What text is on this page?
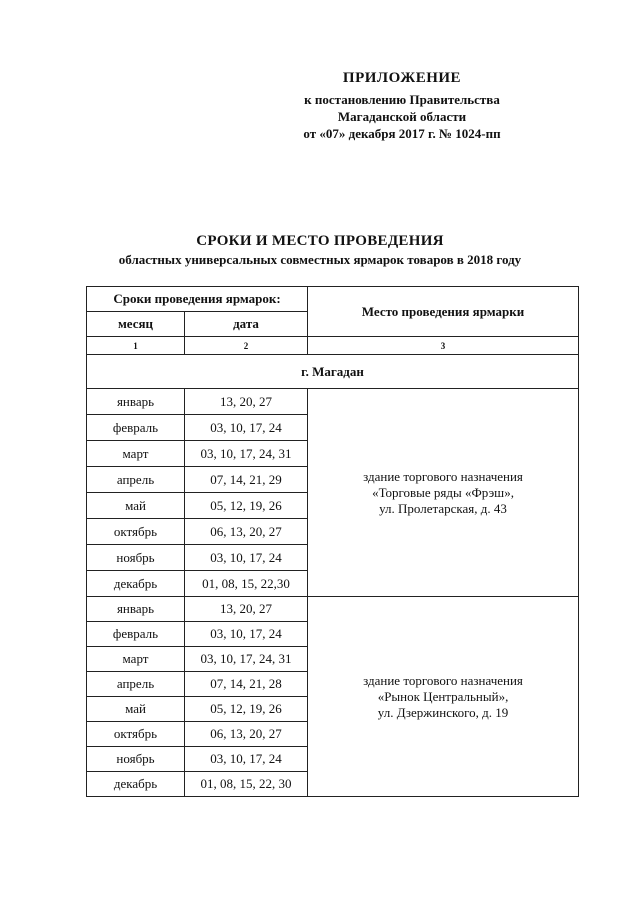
ПРИЛОЖЕНИЕ
к постановлению Правительства
Магаданской области
от «07» декабря 2017 г. № 1024-пп
СРОКИ И МЕСТО ПРОВЕДЕНИЯ
областных универсальных совместных ярмарок товаров в 2018 году
Сроки проведения ярмарок:		Место проведения ярмарки
месяц	дата	
1	2	3
г. Магадан		
январь	13, 20, 27	здание торгового назначения
«Торговые ряды «Фрэш»,
ул. Пролетарская, д. 43

февраль	03, 10, 17, 24	
март	03, 10, 17, 24, 31	
апрель	07, 14, 21, 29	
май	05, 12, 19, 26	
октябрь	06, 13, 20, 27	
ноябрь	03, 10, 17, 24	
декабрь	01, 08, 15, 22,30	
январь	13, 20, 27	здание торгового назначения
«Рынок Центральный»,
ул. Дзержинского, д. 19

февраль	03, 10, 17, 24	
март	03, 10, 17, 24, 31	
апрель	07, 14, 21, 28	
май	05, 12, 19, 26	
октябрь	06, 13, 20, 27	
ноябрь	03, 10, 17, 24	
декабрь	01, 08, 15, 22, 30	
